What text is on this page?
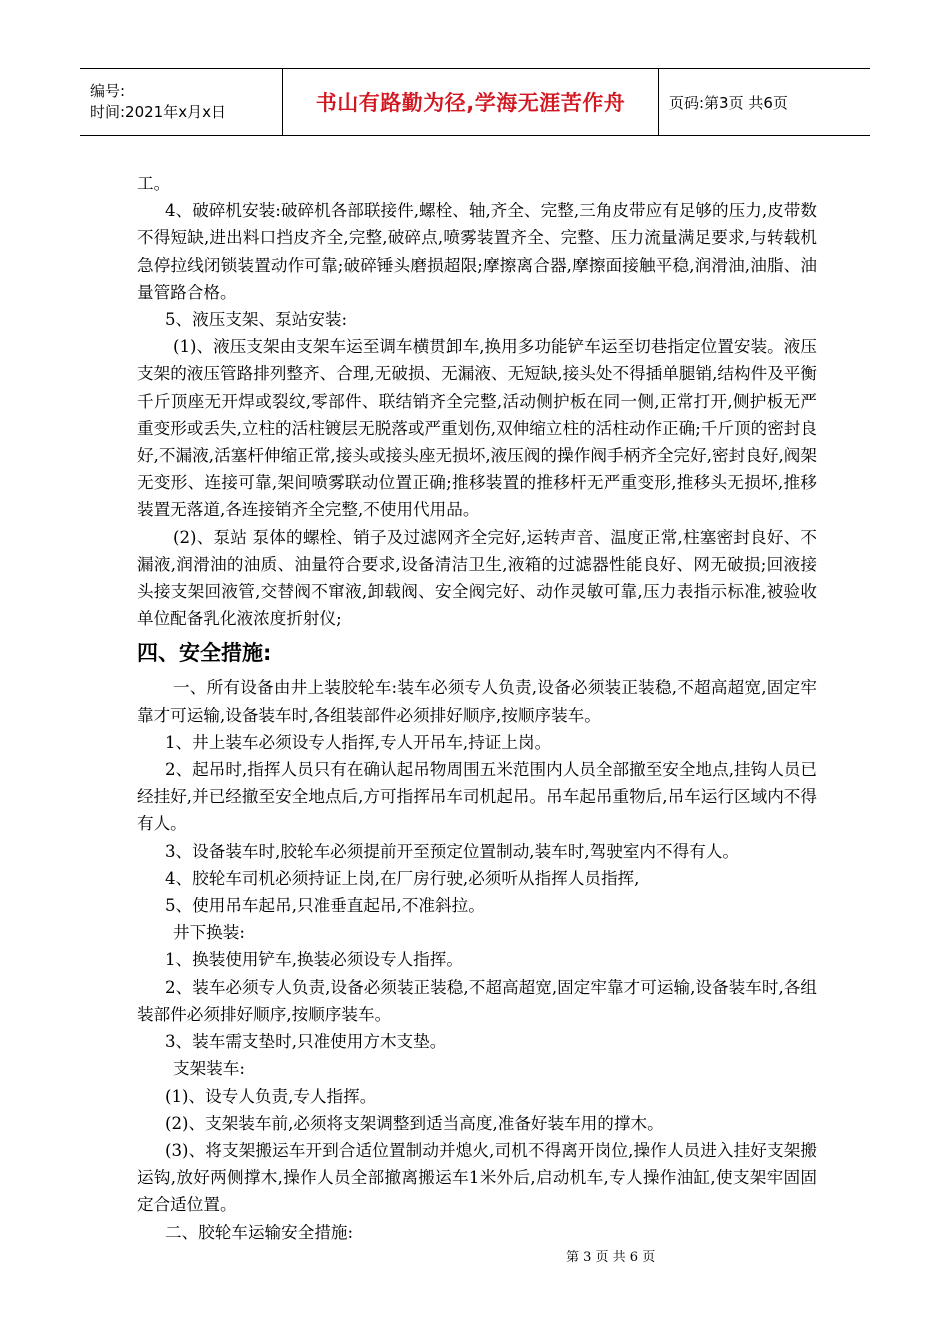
编号:
时间:2021年x月x日	书山有路勤为径,学海无涯苦作舟	页码:第3页 共6页

工。

4、破碎机安装:破碎机各部联接件,螺栓、轴,齐全、完整,三角皮带应有足够的压力,皮带数不得短缺,进出料口挡皮齐全,完整,破碎点,喷雾装置齐全、完整、压力流量满足要求,与转载机急停拉线闭锁装置动作可靠;破碎锤头磨损超限;摩擦离合器,摩擦面接触平稳,润滑油,油脂、油量管路合格。

5、液压支架、泵站安装:

(1)、液压支架由支架车运至调车横贯卸车,换用多功能铲车运至切巷指定位置安装。液压支架的液压管路排列整齐、合理,无破损、无漏液、无短缺,接头处不得插单腿销,结构件及平衡千斤顶座无开焊或裂纹,零部件、联结销齐全完整,活动侧护板在同一侧,正常打开,侧护板无严重变形或丢失,立柱的活柱镀层无脱落或严重划伤,双伸缩立柱的活柱动作正确;千斤顶的密封良好,不漏液,活塞杆伸缩正常,接头或接头座无损坏,液压阀的操作阀手柄齐全完好,密封良好,阀架无变形、连接可靠,架间喷雾联动位置正确;推移装置的推移杆无严重变形,推移头无损坏,推移装置无落道,各连接销齐全完整,不使用代用品。

(2)、泵站 泵体的螺栓、销子及过滤网齐全完好,运转声音、温度正常,柱塞密封良好、不漏液,润滑油的油质、油量符合要求,设备清洁卫生,液箱的过滤器性能良好、网无破损;回液接头接支架回液管,交替阀不窜液,卸载阀、安全阀完好、动作灵敏可靠,压力表指示标准,被验收单位配备乳化液浓度折射仪;

四、安全措施:

一、所有设备由井上装胶轮车:装车必须专人负责,设备必须装正装稳,不超高超宽,固定牢靠才可运输,设备装车时,各组装部件必须排好顺序,按顺序装车。

1、井上装车必须设专人指挥,专人开吊车,持证上岗。

2、起吊时,指挥人员只有在确认起吊物周围五米范围内人员全部撤至安全地点,挂钩人员已经挂好,并已经撤至安全地点后,方可指挥吊车司机起吊。吊车起吊重物后,吊车运行区域内不得有人。

3、设备装车时,胶轮车必须提前开至预定位置制动,装车时,驾驶室内不得有人。

4、胶轮车司机必须持证上岗,在厂房行驶,必须听从指挥人员指挥,

5、使用吊车起吊,只准垂直起吊,不准斜拉。

井下换装:

1、换装使用铲车,换装必须设专人指挥。

2、装车必须专人负责,设备必须装正装稳,不超高超宽,固定牢靠才可运输,设备装车时,各组装部件必须排好顺序,按顺序装车。

3、装车需支垫时,只准使用方木支垫。

支架装车:

(1)、设专人负责,专人指挥。

(2)、支架装车前,必须将支架调整到适当高度,准备好装车用的撑木。

(3)、将支架搬运车开到合适位置制动并熄火,司机不得离开岗位,操作人员进入挂好支架搬运钩,放好两侧撑木,操作人员全部撤离搬运车1米外后,启动机车,专人操作油缸,使支架牢固固定合适位置。

二、胶轮车运输安全措施:

第 3 页 共 6 页
